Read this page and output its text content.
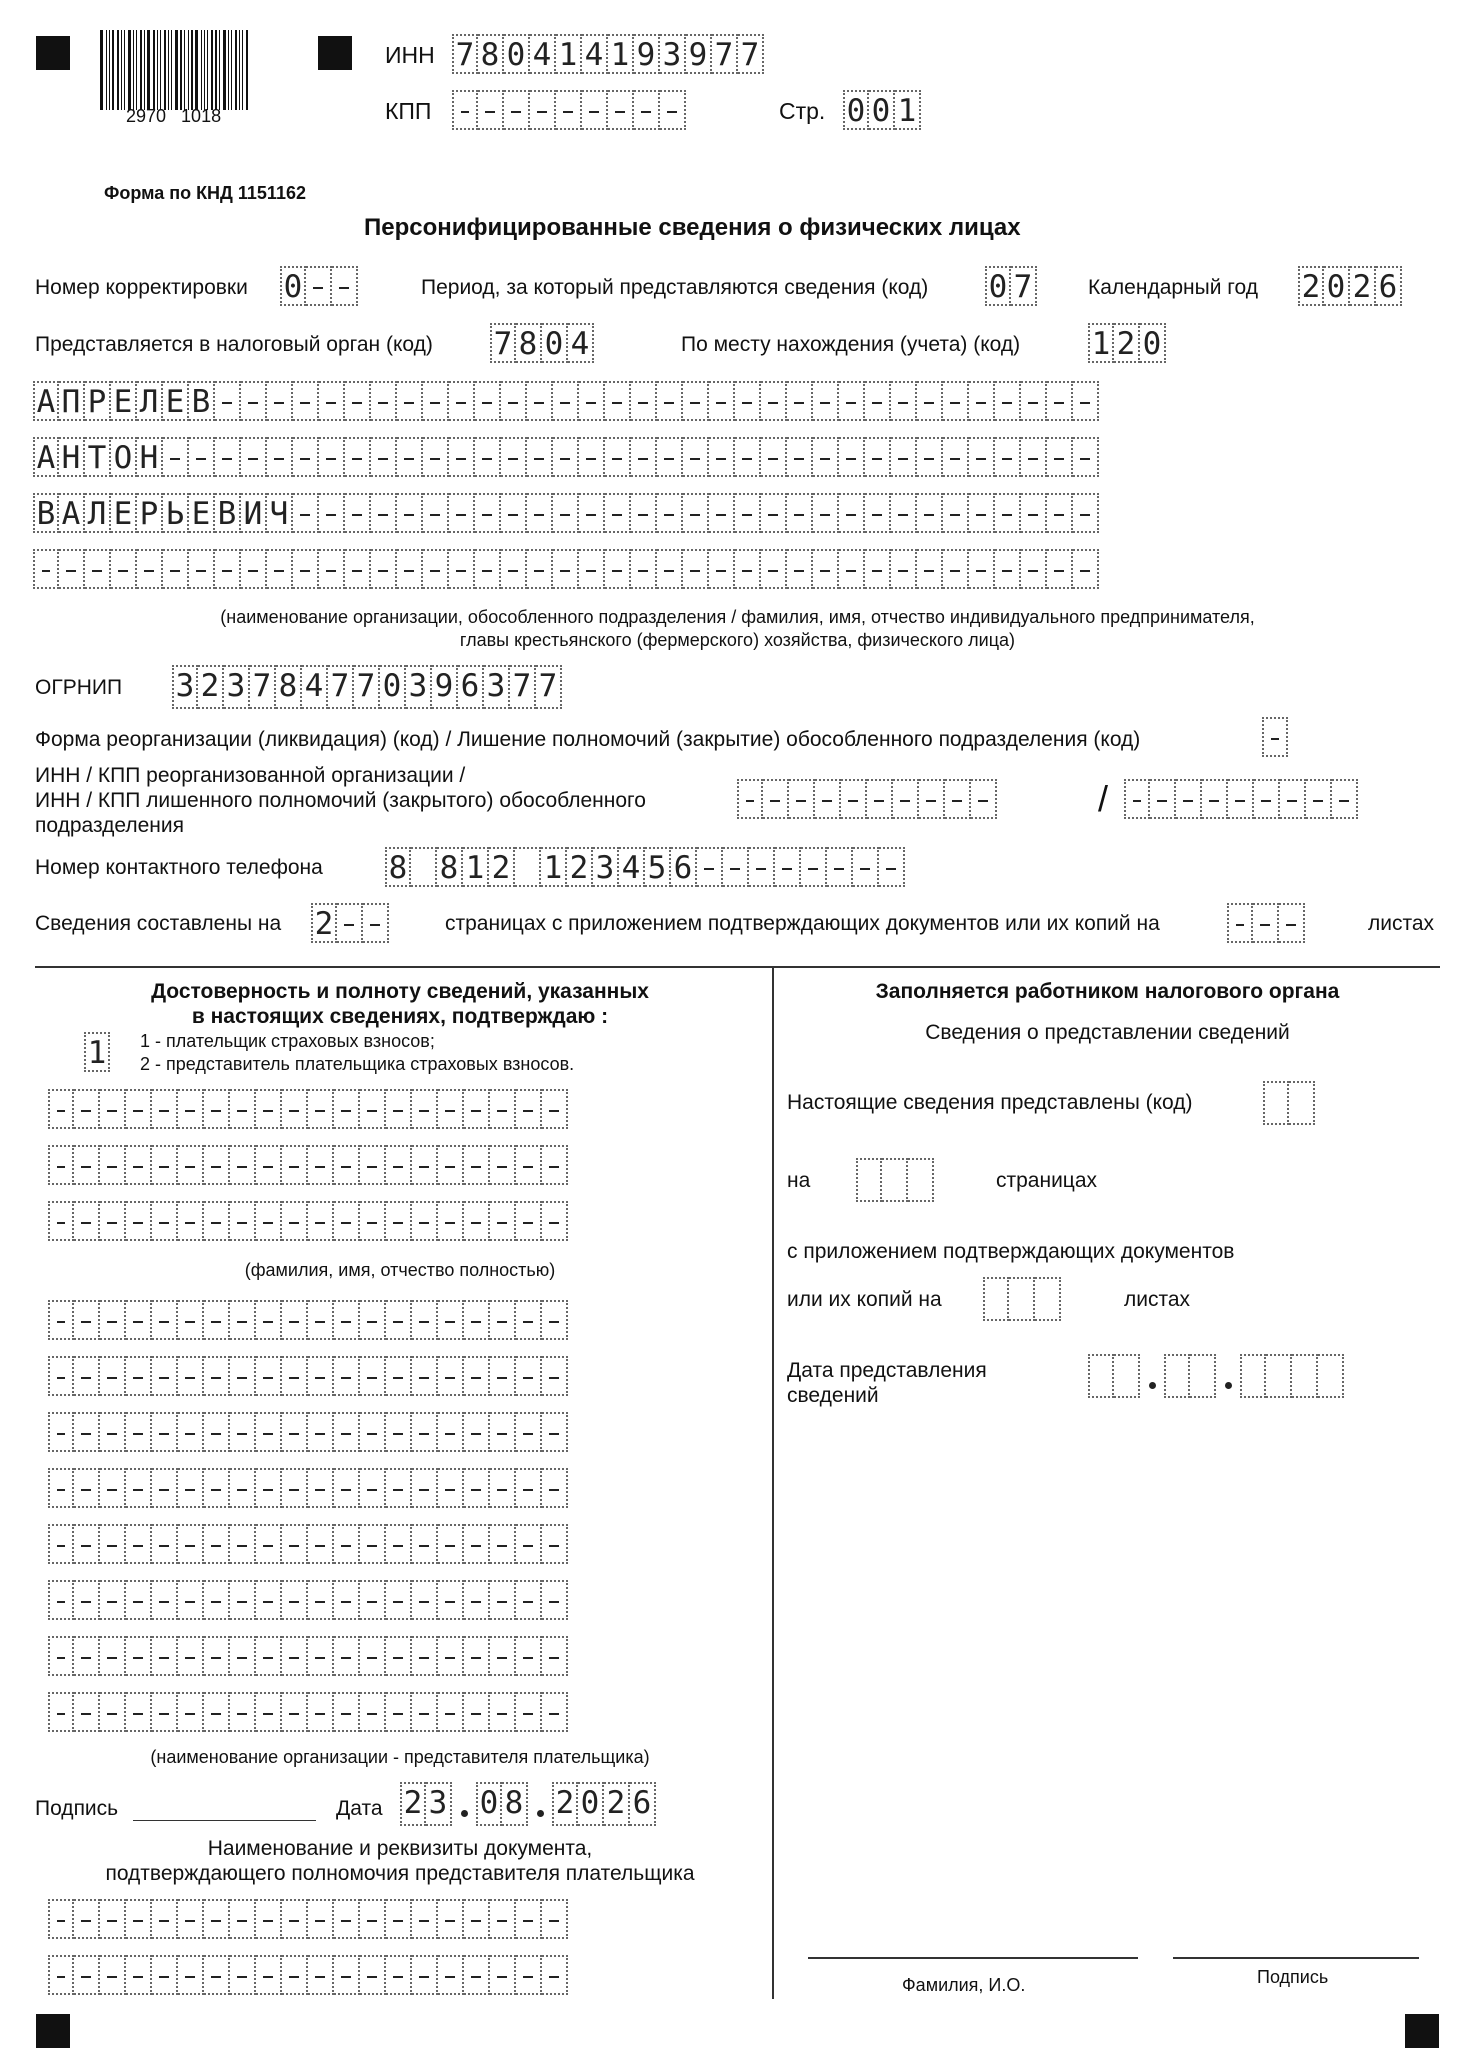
2970   1018
ИНН 7 8 0 4 1 4 1 9 3 9 7 7
КПП	Стр. 0 0 1
Форма по КНД 1151162
Персонифицированные сведения о физических лицах
Номер корректировки 0	Период, за который представляются сведения (код) 0 7	Календарный год 2 0 2 6
Представляется в налоговый орган (код) 7 8 0 4	По месту нахождения (учета) (код) 1 2 0
А П Р Е Л Е В
А Н Т О Н
В А Л Е Р Ь Е В И Ч
(наименование организации, обособленного подразделения / фамилия, имя, отчество индивидуального предпринимателя,
главы крестьянского (фермерского) хозяйства, физического лица)
ОГРНИП 3 2 3 7 8 4 7 7 0 3 9 6 3 7 7
Форма реорганизации (ликвидация) (код) / Лишение полномочий (закрытие) обособленного подразделения (код)
ИНН / КПП реорганизованной организации /
ИНН / КПП лишенного полномочий (закрытого) обособленного
подразделения
/
Номер контактного телефона 8 8 1 2 1 2 3 4 5 6
Сведения составлены на 2	страницах с приложением подтверждающих документов или их копий на	листах
Достоверность и полноту сведений, указанных
в настоящих сведениях, подтверждаю :
1 1 - плательщик страховых взносов;
2 - представитель плательщика страховых взносов.
(фамилия, имя, отчество полностью)
(наименование организации - представителя плательщика)
Подпись	Дата 2 3 0 8 2 0 2 6
Наименование и реквизиты документа,
подтверждающего полномочия представителя плательщика
Заполняется работником налогового органа
Сведения о представлении сведений
Настоящие сведения представлены (код)
на	страницах
с приложением подтверждающих документов
или их копий на	листах
Дата представления
сведений
Фамилия, И.О.	Подпись
